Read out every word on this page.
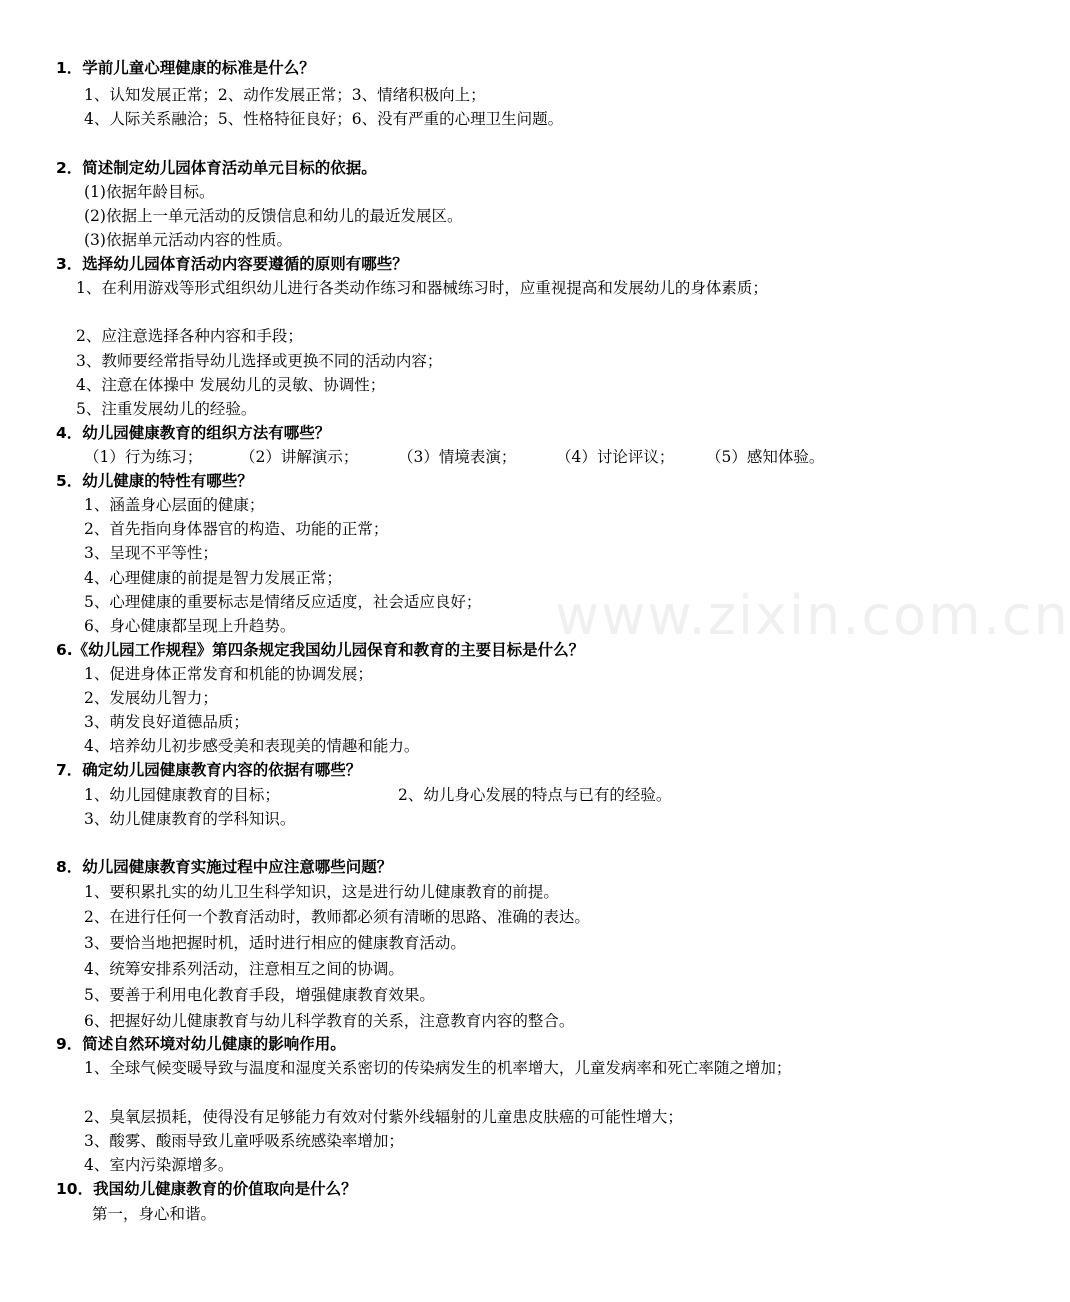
www.zixin.com.cn
1．学前儿童心理健康的标准是什么？
1、认知发展正常；2、动作发展正常；3、情绪积极向上；
4、人际关系融洽；5、性格特征良好；6、没有严重的心理卫生问题。
2．简述制定幼儿园体育活动单元目标的依据。
(1)依据年龄目标。
(2)依据上一单元活动的反馈信息和幼儿的最近发展区。
(3)依据单元活动内容的性质。
3．选择幼儿园体育活动内容要遵循的原则有哪些？
1、在利用游戏等形式组织幼儿进行各类动作练习和器械练习时，应重视提高和发展幼儿的身体素质；
2、应注意选择各种内容和手段；
3、教师要经常指导幼儿选择或更换不同的活动内容；
4、注意在体操中 发展幼儿的灵敏、协调性；
5、注重发展幼儿的经验。
4．幼儿园健康教育的组织方法有哪些？
（1）行为练习； （2）讲解演示；	（3）情境表演；	（4）讨论评议； （5）感知体验。
5．幼儿健康的特性有哪些？
1、涵盖身心层面的健康；
2、首先指向身体器官的构造、功能的正常；
3、呈现不平等性；
4、心理健康的前提是智力发展正常；
5、心理健康的重要标志是情绪反应适度，社会适应良好；
6、身心健康都呈现上升趋势。
6.《幼儿园工作规程》第四条规定我国幼儿园保育和教育的主要目标是什么？
1、促进身体正常发育和机能的协调发展；
2、发展幼儿智力；
3、萌发良好道德品质；
4、培养幼儿初步感受美和表现美的情趣和能力。
7．确定幼儿园健康教育内容的依据有哪些？
1、幼儿园健康教育的目标；	2、幼儿身心发展的特点与已有的经验。
3、幼儿健康教育的学科知识。
8．幼儿园健康教育实施过程中应注意哪些问题？
1、要积累扎实的幼儿卫生科学知识，这是进行幼儿健康教育的前提。
2、在进行任何一个教育活动时，教师都必须有清晰的思路、准确的表达。
3、要恰当地把握时机，适时进行相应的健康教育活动。
4、统筹安排系列活动，注意相互之间的协调。
5、要善于利用电化教育手段，增强健康教育效果。
6、把握好幼儿健康教育与幼儿科学教育的关系，注意教育内容的整合。
9．简述自然环境对幼儿健康的影响作用。
1、全球气候变暖导致与温度和湿度关系密切的传染病发生的机率增大，儿童发病率和死亡率随之增加；
2、臭氧层损耗，使得没有足够能力有效对付紫外线辐射的儿童患皮肤癌的可能性增大；
3、酸雾、酸雨导致儿童呼吸系统感染率增加；
4、室内污染源增多。
10．我国幼儿健康教育的价值取向是什么？
第一，身心和谐。
